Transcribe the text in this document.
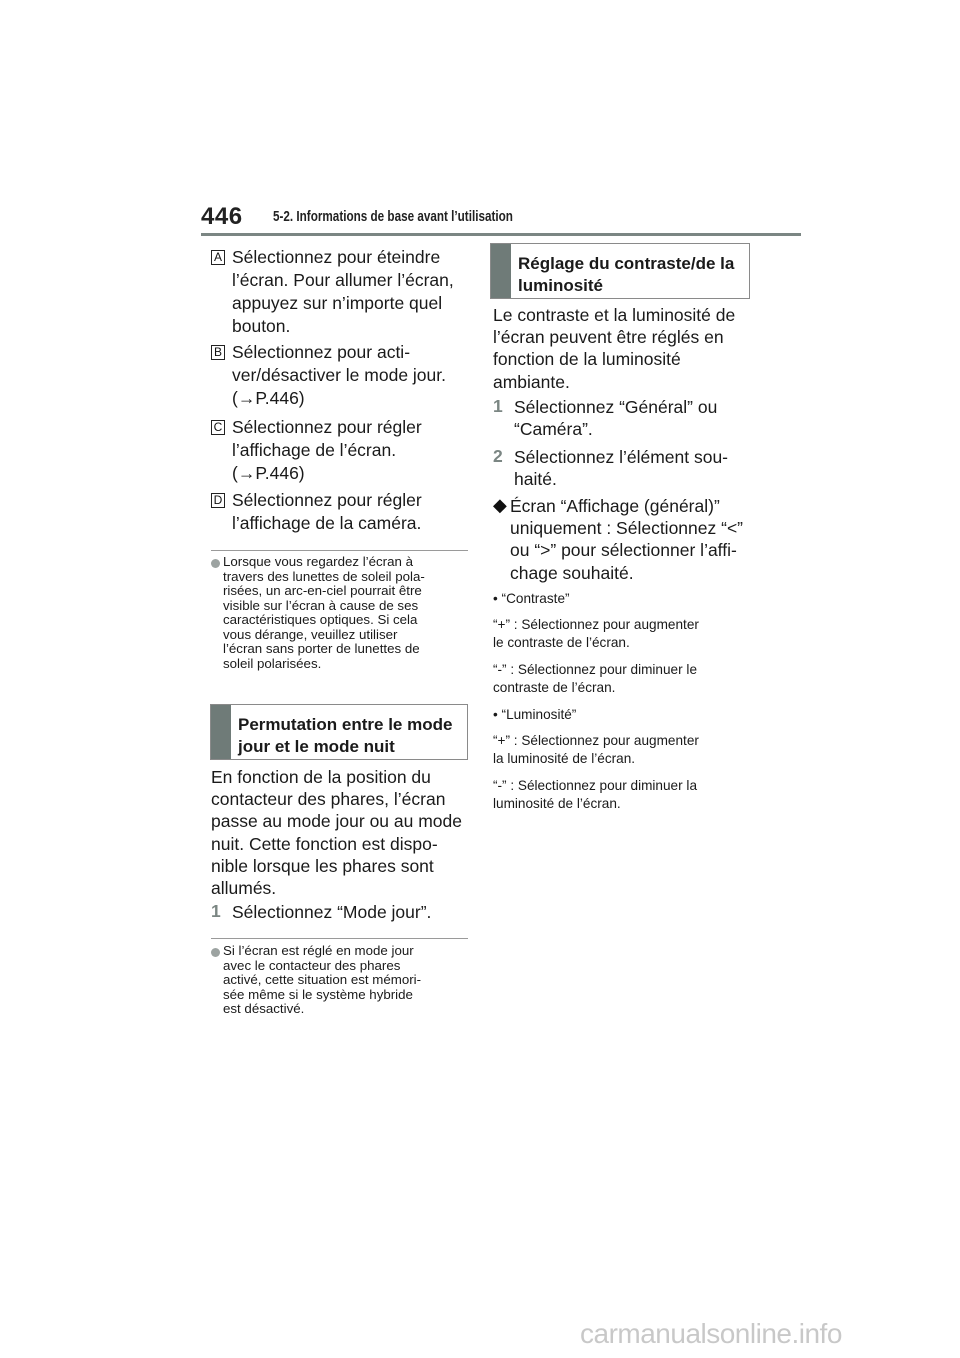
446 5-2. Informations de base avant l’utilisation
A Sélectionnez pour éteindre
l’écran. Pour allumer l’écran,
appuyez sur n’importe quel
bouton.
B Sélectionnez pour acti-
ver/désactiver le mode jour.
(→P.446)
C Sélectionnez pour régler
l’affichage de l’écran.
(→P.446)
D Sélectionnez pour régler
l’affichage de la caméra.
Lorsque vous regardez l’écran à
travers des lunettes de soleil pola-
risées, un arc-en-ciel pourrait être
visible sur l’écran à cause de ses
caractéristiques optiques. Si cela
vous dérange, veuillez utiliser
l’écran sans porter de lunettes de
soleil polarisées.
Permutation entre le mode
jour et le mode nuit
En fonction de la position du
contacteur des phares, l’écran
passe au mode jour ou au mode
nuit. Cette fonction est dispo-
nible lorsque les phares sont
allumés.
1 Sélectionnez “Mode jour”.
Si l’écran est réglé en mode jour
avec le contacteur des phares
activé, cette situation est mémori-
sée même si le système hybride
est désactivé.
Réglage du contraste/de la
luminosité
Le contraste et la luminosité de
l’écran peuvent être réglés en
fonction de la luminosité
ambiante.
1 Sélectionnez “Général” ou
“Caméra”.
2 Sélectionnez l’élément sou-
haité.
◆ Écran “Affichage (général)”
uniquement : Sélectionnez “<”
ou “>” pour sélectionner l’affi-
chage souhaité.
• “Contraste”
“+” : Sélectionnez pour augmenter
le contraste de l’écran.
“-” : Sélectionnez pour diminuer le
contraste de l’écran.
• “Luminosité”
“+” : Sélectionnez pour augmenter
la luminosité de l’écran.
“-” : Sélectionnez pour diminuer la
luminosité de l’écran.
carmanualsonline.info
